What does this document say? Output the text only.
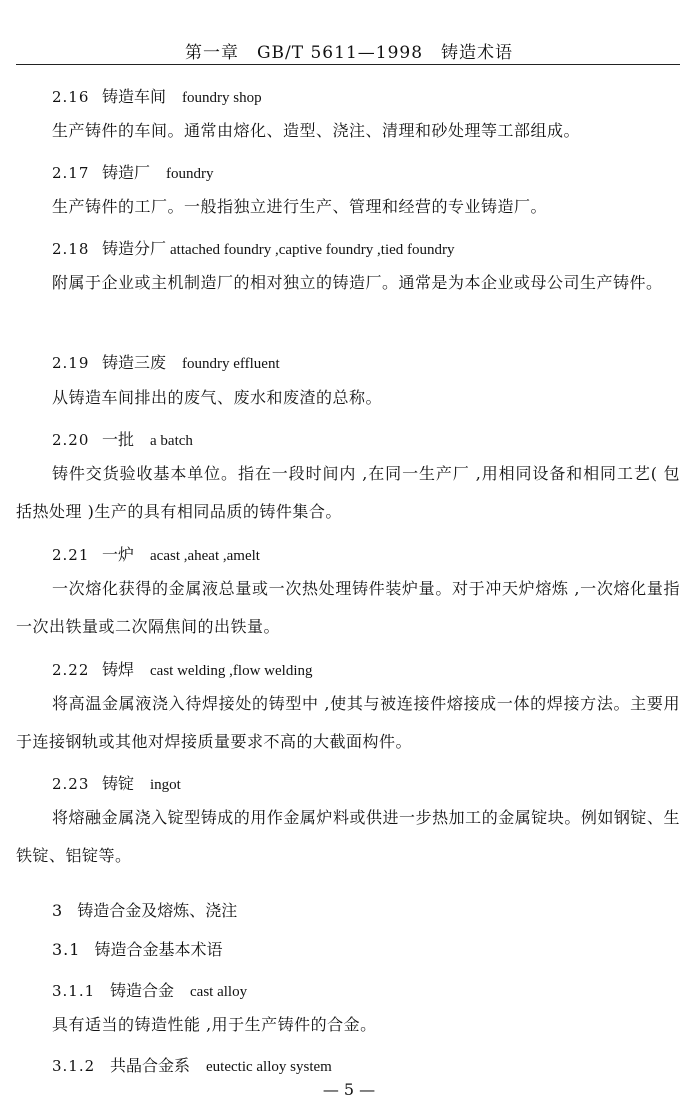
第一章　GB/T 5611—1998　铸造术语
2.16 铸造车间 foundry shop
生产铸件的车间。通常由熔化、造型、浇注、清理和砂处理等工部组成。
2.17 铸造厂 foundry
生产铸件的工厂。一般指独立进行生产、管理和经营的专业铸造厂。
2.18 铸造分厂 attached foundry ,captive foundry ,tied foundry
附属于企业或主机制造厂的相对独立的铸造厂。通常是为本企业或母公司生产铸件。
2.19 铸造三废 foundry effluent
从铸造车间排出的废气、废水和废渣的总称。
2.20 一批 a batch
铸件交货验收基本单位。指在一段时间内 ,在同一生产厂 ,用相同设备和相同工艺( 包括热处理 )生产的具有相同品质的铸件集合。
2.21 一炉 acast ,aheat ,amelt
一次熔化获得的金属液总量或一次热处理铸件装炉量。对于冲天炉熔炼 ,一次熔化量指一次出铁量或二次隔焦间的出铁量。
2.22 铸焊 cast welding ,flow welding
将高温金属液浇入待焊接处的铸型中 ,使其与被连接件熔接成一体的焊接方法。主要用于连接钢轨或其他对焊接质量要求不高的大截面构件。
2.23 铸锭 ingot
将熔融金属浇入锭型铸成的用作金属炉料或供进一步热加工的金属锭块。例如钢锭、生铁锭、铝锭等。
3 铸造合金及熔炼、浇注
3.1 铸造合金基本术语
3.1.1 铸造合金 cast alloy
具有适当的铸造性能 ,用于生产铸件的合金。
3.1.2 共晶合金系 eutectic alloy system
— 5 —
